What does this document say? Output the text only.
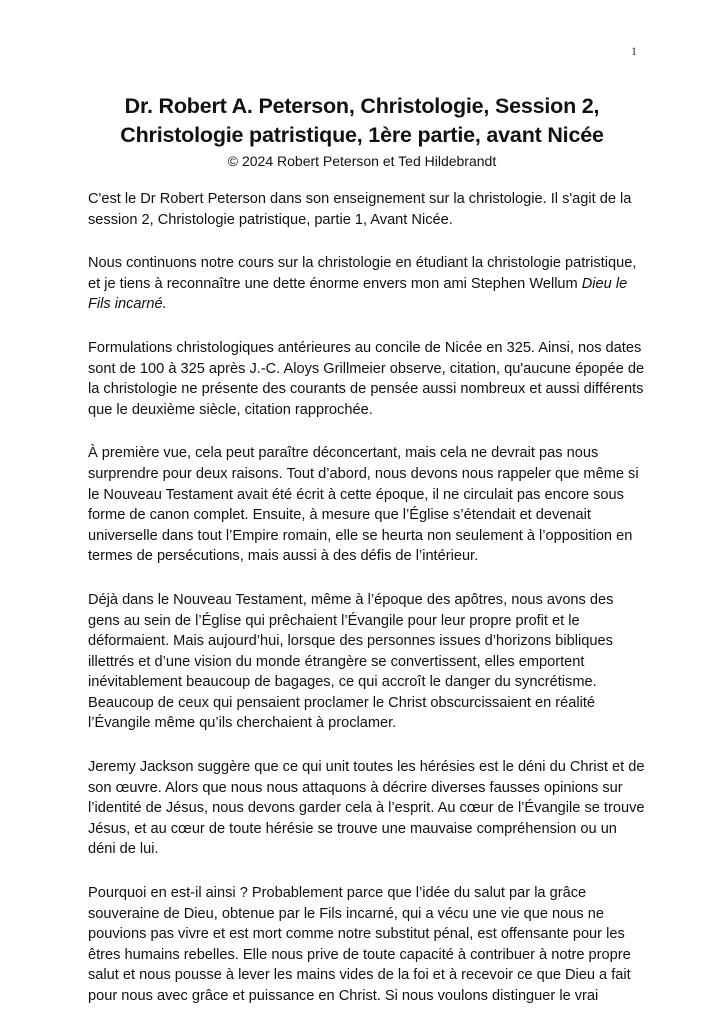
1
Dr. Robert A. Peterson, Christologie, Session 2,
Christologie patristique, 1ère partie, avant Nicée

© 2024 Robert Peterson et Ted Hildebrandt

C'est le Dr Robert Peterson dans son enseignement sur la christologie. Il s'agit de la session 2, Christologie patristique, partie 1, Avant Nicée.

Nous continuons notre cours sur la christologie en étudiant la christologie patristique, et je tiens à reconnaître une dette énorme envers mon ami Stephen Wellum Dieu le Fils incarné.

Formulations christologiques antérieures au concile de Nicée en 325. Ainsi, nos dates sont de 100 à 325 après J.-C. Aloys Grillmeier observe, citation, qu'aucune épopée de la christologie ne présente des courants de pensée aussi nombreux et aussi différents que le deuxième siècle, citation rapprochée.

À première vue, cela peut paraître déconcertant, mais cela ne devrait pas nous surprendre pour deux raisons. Tout d’abord, nous devons nous rappeler que même si le Nouveau Testament avait été écrit à cette époque, il ne circulait pas encore sous forme de canon complet. Ensuite, à mesure que l’Église s’étendait et devenait universelle dans tout l’Empire romain, elle se heurta non seulement à l’opposition en termes de persécutions, mais aussi à des défis de l’intérieur.

Déjà dans le Nouveau Testament, même à l’époque des apôtres, nous avons des gens au sein de l’Église qui prêchaient l’Évangile pour leur propre profit et le déformaient. Mais aujourd’hui, lorsque des personnes issues d’horizons bibliques illettrés et d’une vision du monde étrangère se convertissent, elles emportent inévitablement beaucoup de bagages, ce qui accroît le danger du syncrétisme. Beaucoup de ceux qui pensaient proclamer le Christ obscurcissaient en réalité l’Évangile même qu’ils cherchaient à proclamer.

Jeremy Jackson suggère que ce qui unit toutes les hérésies est le déni du Christ et de son œuvre. Alors que nous nous attaquons à décrire diverses fausses opinions sur l’identité de Jésus, nous devons garder cela à l’esprit. Au cœur de l’Évangile se trouve Jésus, et au cœur de toute hérésie se trouve une mauvaise compréhension ou un déni de lui.

Pourquoi en est-il ainsi ? Probablement parce que l’idée du salut par la grâce souveraine de Dieu, obtenue par le Fils incarné, qui a vécu une vie que nous ne pouvions pas vivre et est mort comme notre substitut pénal, est offensante pour les êtres humains rebelles. Elle nous prive de toute capacité à contribuer à notre propre salut et nous pousse à lever les mains vides de la foi et à recevoir ce que Dieu a fait pour nous avec grâce et puissance en Christ. Si nous voulons distinguer le vrai
